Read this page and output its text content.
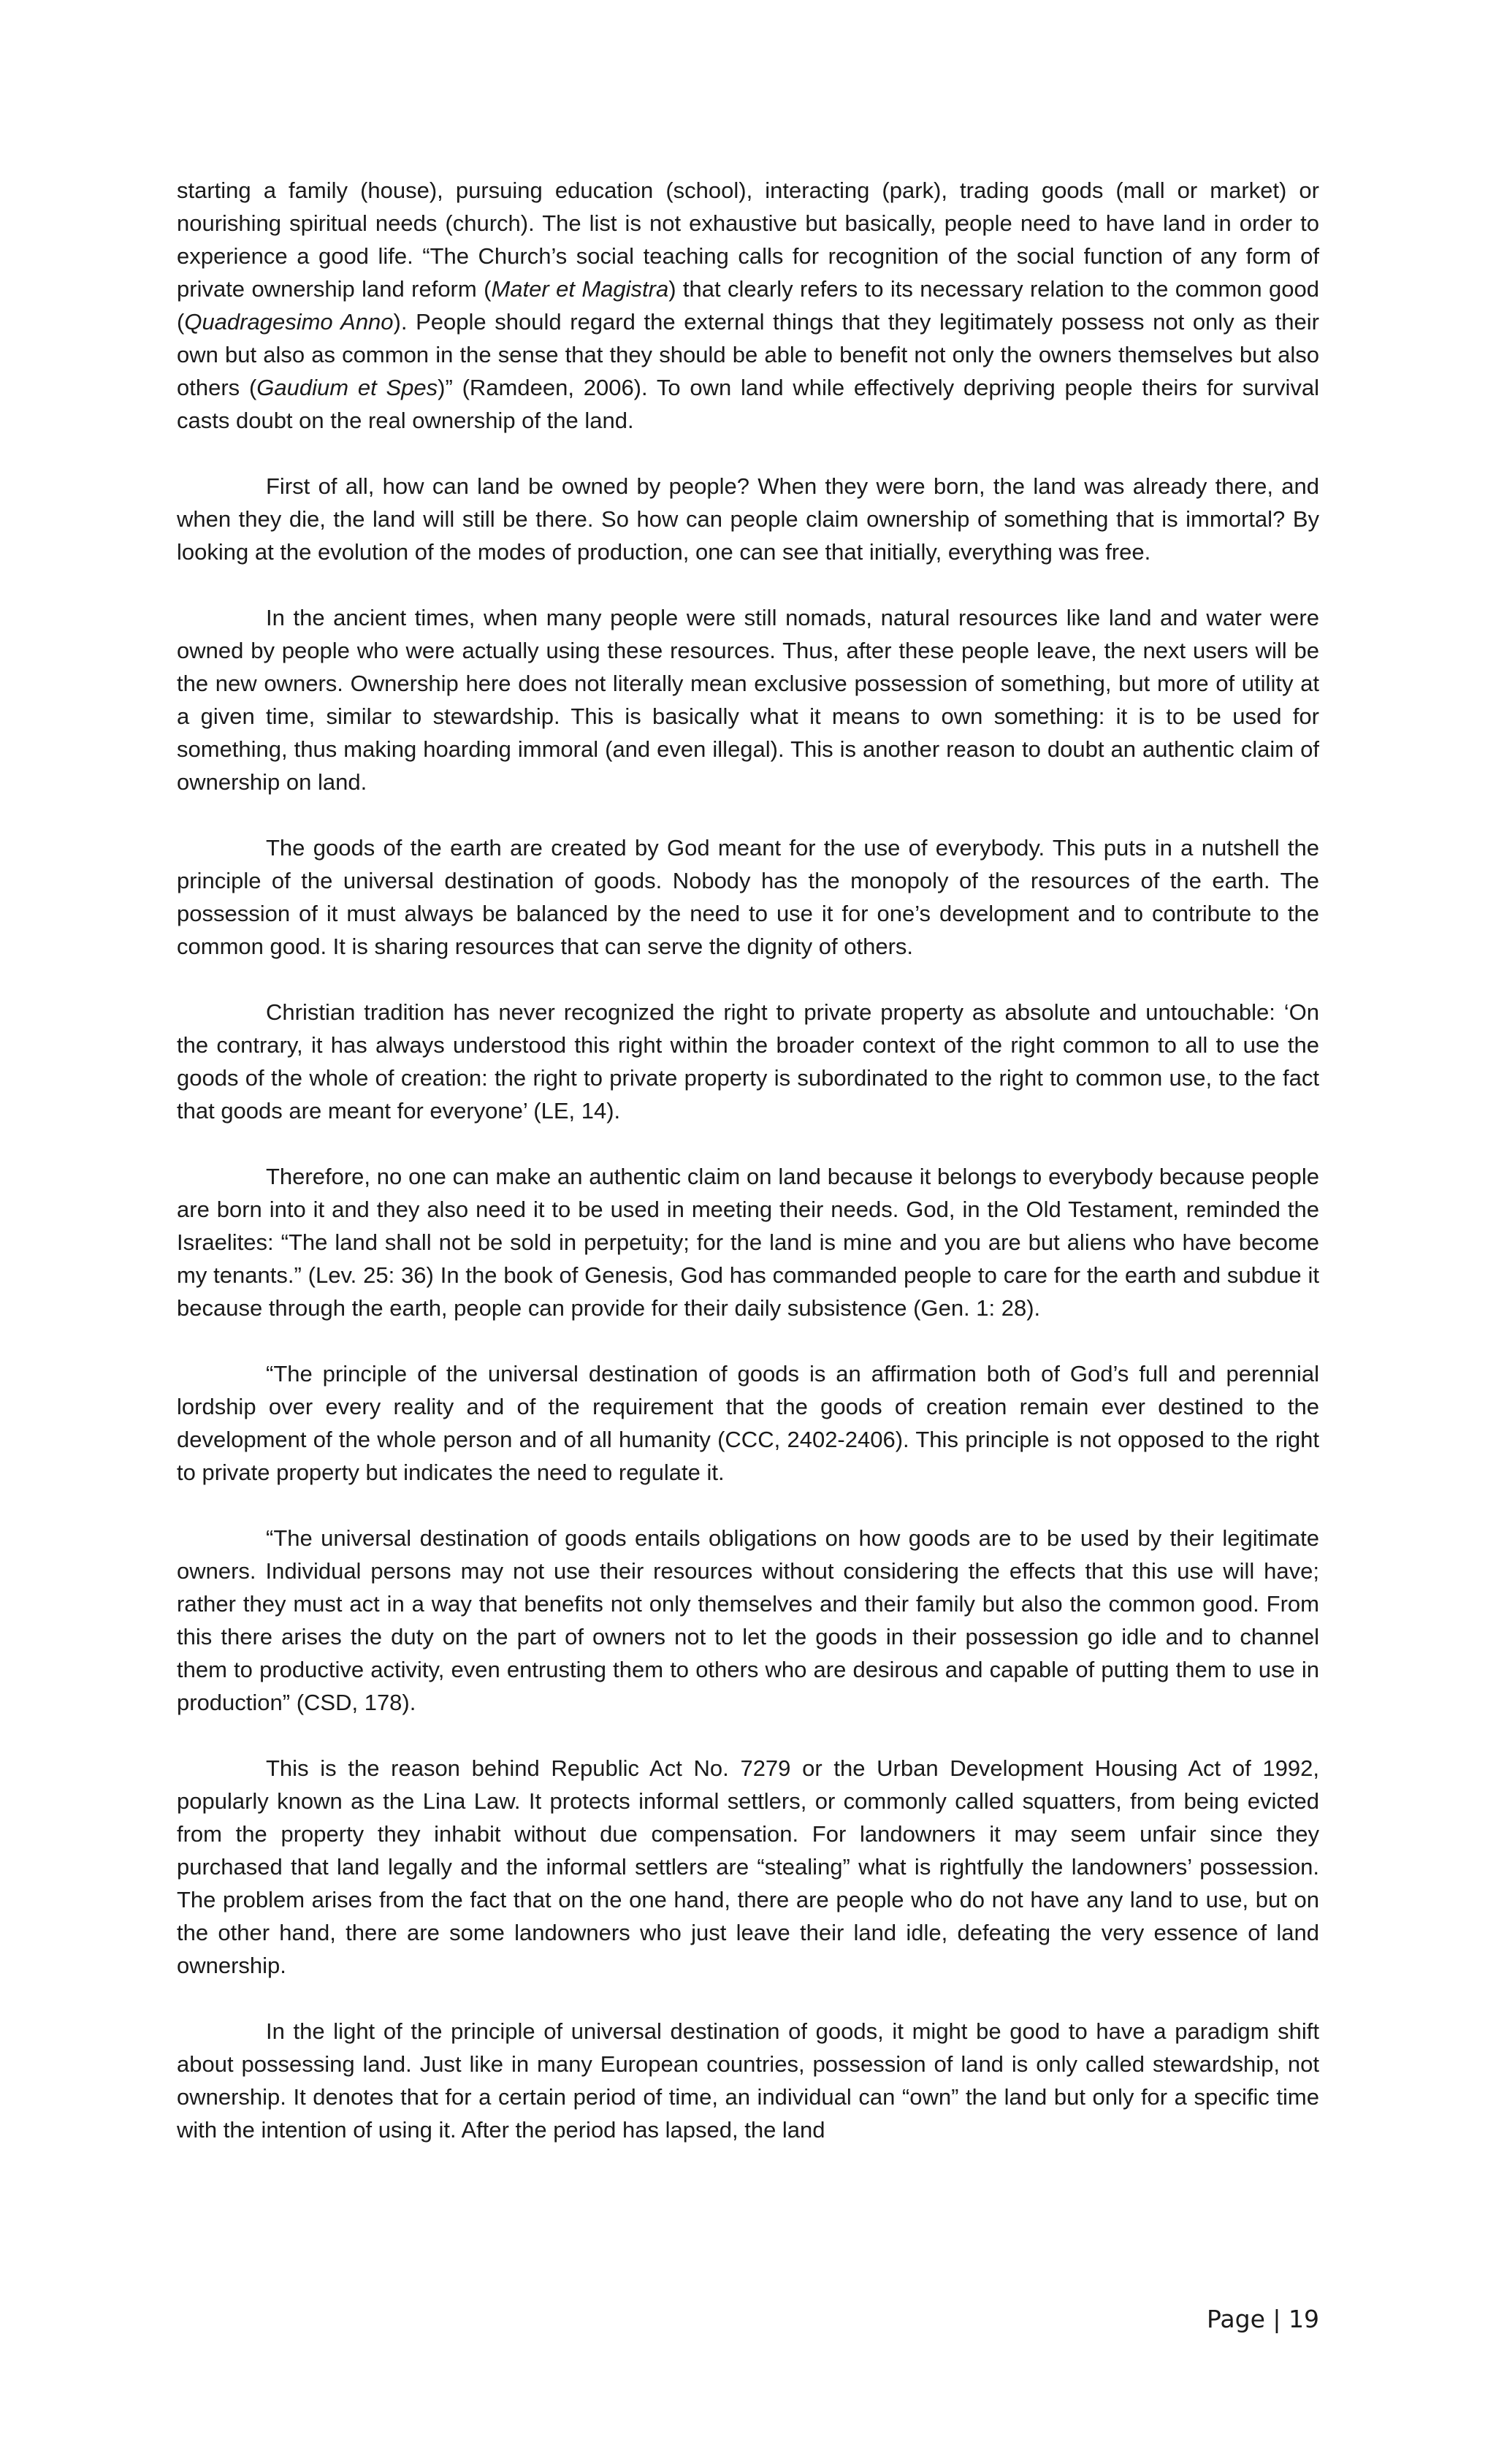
starting a family (house), pursuing education (school), interacting (park), trading goods (mall or market) or nourishing spiritual needs (church). The list is not exhaustive but basically, people need to have land in order to experience a good life. “The Church’s social teaching calls for recognition of the social function of any form of private ownership land reform (Mater et Magistra) that clearly refers to its necessary relation to the common good (Quadragesimo Anno). People should regard the external things that they legitimately possess not only as their own but also as common in the sense that they should be able to benefit not only the owners themselves but also others (Gaudium et Spes)” (Ramdeen, 2006). To own land while effectively depriving people theirs for survival casts doubt on the real ownership of the land.

First of all, how can land be owned by people? When they were born, the land was already there, and when they die, the land will still be there. So how can people claim ownership of something that is immortal? By looking at the evolution of the modes of production, one can see that initially, everything was free.

In the ancient times, when many people were still nomads, natural resources like land and water were owned by people who were actually using these resources. Thus, after these people leave, the next users will be the new owners. Ownership here does not literally mean exclusive possession of something, but more of utility at a given time, similar to stewardship. This is basically what it means to own something: it is to be used for something, thus making hoarding immoral (and even illegal). This is another reason to doubt an authentic claim of ownership on land.

The goods of the earth are created by God meant for the use of everybody. This puts in a nutshell the principle of the universal destination of goods. Nobody has the monopoly of the resources of the earth. The possession of it must always be balanced by the need to use it for one’s development and to contribute to the common good. It is sharing resources that can serve the dignity of others.

Christian tradition has never recognized the right to private property as absolute and untouchable: ‘On the contrary, it has always understood this right within the broader context of the right common to all to use the goods of the whole of creation: the right to private property is subordinated to the right to common use, to the fact that goods are meant for everyone’ (LE, 14).

Therefore, no one can make an authentic claim on land because it belongs to everybody because people are born into it and they also need it to be used in meeting their needs. God, in the Old Testament, reminded the Israelites: “The land shall not be sold in perpetuity; for the land is mine and you are but aliens who have become my tenants.” (Lev. 25: 36) In the book of Genesis, God has commanded people to care for the earth and subdue it because through the earth, people can provide for their daily subsistence (Gen. 1: 28).

“The principle of the universal destination of goods is an affirmation both of God’s full and perennial lordship over every reality and of the requirement that the goods of creation remain ever destined to the development of the whole person and of all humanity (CCC, 2402-2406). This principle is not opposed to the right to private property but indicates the need to regulate it.

“The universal destination of goods entails obligations on how goods are to be used by their legitimate owners. Individual persons may not use their resources without considering the effects that this use will have; rather they must act in a way that benefits not only themselves and their family but also the common good. From this there arises the duty on the part of owners not to let the goods in their possession go idle and to channel them to productive activity, even entrusting them to others who are desirous and capable of putting them to use in production” (CSD, 178).

This is the reason behind Republic Act No. 7279 or the Urban Development Housing Act of 1992, popularly known as the Lina Law. It protects informal settlers, or commonly called squatters, from being evicted from the property they inhabit without due compensation. For landowners it may seem unfair since they purchased that land legally and the informal settlers are “stealing” what is rightfully the landowners’ possession. The problem arises from the fact that on the one hand, there are people who do not have any land to use, but on the other hand, there are some landowners who just leave their land idle, defeating the very essence of land ownership.

In the light of the principle of universal destination of goods, it might be good to have a paradigm shift about possessing land. Just like in many European countries, possession of land is only called stewardship, not ownership. It denotes that for a certain period of time, an individual can “own” the land but only for a specific time with the intention of using it. After the period has lapsed, the land

Page | 19
